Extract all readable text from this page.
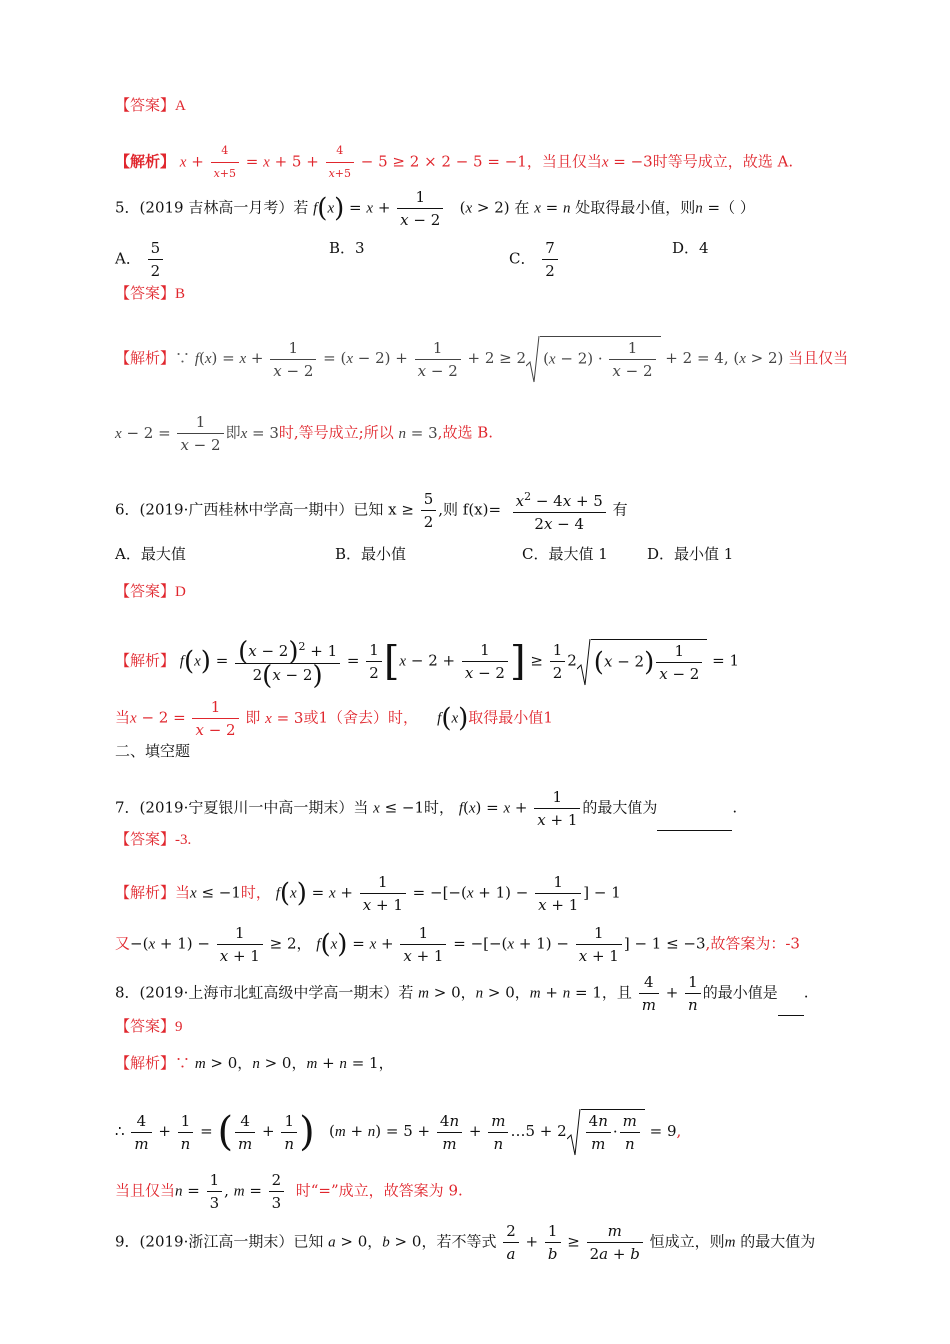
【答案】A
【解析】 $x + \frac{4}{x+5} = x + 5 + \frac{4}{x+5} - 5 \ge 2 \times 2 - 5 = -1$，当且仅当x = −3时等号成立，故选 A.
5．(2019 吉林高一月考）若 $f(x) = x + \frac{1}{x - 2} (x > 2)$ 在 x = n 处取得最小值，则n =（ ）
A． $\frac{5}{2}$	B．3
C． $\frac{7}{2}$	D．4
【答案】B
【解析】∵ $f(x) = x + \frac{1}{x - 2} = (x - 2) + \frac{1}{x - 2} + 2 \ge 2$ $(x - 2) \cdot \frac{1}{x - 2} + 2 = 4$, (x > 2) 当且仅当
$x - 2 = \frac{1}{x - 2}$ 即x = 3时,等号成立;所以 n = 3,故选 B.
6．(2019·广西桂林中学高一期中）已知 $x \ge \frac{5}{2}$ ,则 $f(x)= \frac{x^2 - 4x + 5}{2x - 4}$ 有
A．最大值	B．最小值	C．最大值 1	D．最小值 1
【答案】D
【解析】 $f(x) = \frac{(x - 2)^2 + 1}{2(x - 2)} = \frac{1}{2} [x - 2 + \frac{1}{x - 2}$ ] ≥ $\frac{1}{2} 2$ $(x - 2) \frac{1}{x - 2} = 1$
当$x - 2 = \frac{1}{x - 2}$ 即 x = 3或1（舍去）时， f(x)取得最小值1
二、填空题
7．(2019·宁夏银川一中高一期末）当 x ≤ −1时， $f(x) = x + \frac{1}{x + 1}$ 的最大值为	.
【答案】-3.
【解析】当x ≤ −1时， $f(x) = x + \frac{1}{x + 1} = -[-(x + 1) - \frac{1}{x + 1}$ ] − 1
又$-(x + 1) - \frac{1}{x + 1} \ge 2$， $f(x) = x + \frac{1}{x + 1} = -[-(x + 1) - \frac{1}{x + 1}$ ] − 1 ≤ −3,故答案为：-3
8．(2019·上海市北虹高级中学高一期末）若 m > 0，n > 0，m + n = 1，且 $\frac{4}{m} + \frac{1}{n}$ 的最小值是 .
【答案】9
【解析】∵ m > 0，n > 0，m + n = 1，
∴ $\frac{4}{m} + \frac{1}{n}$ = ( $\frac{4}{m} + \frac{1}{n}$ )   $(m + n) = 5 + \frac{4n}{m} + \frac{m}{n}$ …5 + $2 \frac{4n}{m} \cdot \frac{m}{n} = 9$,
当且仅当$n = \frac{1}{3}$ , $m = \frac{2}{3}$ 时“=”成立，故答案为 9.
9．(2019·浙江高一期末）已知 a > 0，b > 0，若不等式 $\frac{2}{a} + \frac{1}{b} \ge \frac{m}{2a + b}$ 恒成立，则m 的最大值为
